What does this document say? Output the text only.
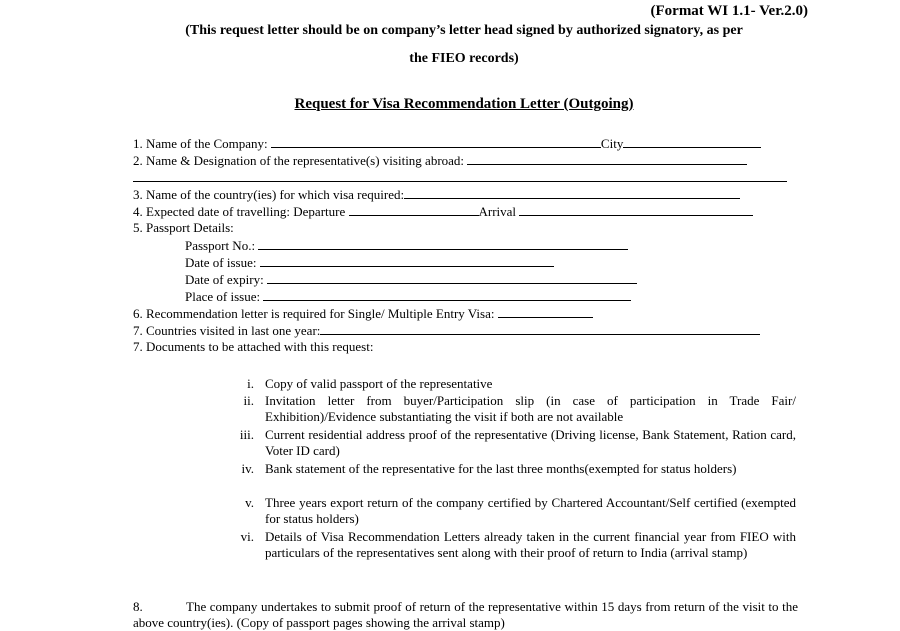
(Format WI 1.1- Ver.2.0)
(This request letter should be on company’s letter head signed by authorized signatory, as per
the FIEO records)
Request for Visa Recommendation Letter (Outgoing)
1. Name of the Company:	City
2. Name & Designation of the representative(s) visiting abroad:
3. Name of the country(ies) for which visa required:
4. Expected date of travelling: Departure	Arrival
5. Passport Details:
Passport No.:
Date of issue:
Date of expiry:
Place of issue:
6. Recommendation letter is required for Single/ Multiple Entry Visa:
7. Countries visited in last one year:
7. Documents to be attached with this request:
i. Copy of valid passport of the representative
ii. Invitation letter from buyer/Participation slip (in case of participation in Trade Fair/ Exhibition)/Evidence substantiating the visit if both are not available
iii. Current residential address proof of the representative (Driving license, Bank Statement, Ration card, Voter ID card)
iv. Bank statement of the representative for the last three months(exempted for status holders)
v. Three years export return of the company certified by Chartered Accountant/Self certified (exempted for status holders)
vi. Details of Visa Recommendation Letters already taken in the current financial year from FIEO with particulars of the representatives sent along with their proof of return to India (arrival stamp)
8.	The company undertakes to submit proof of return of the representative within 15 days from return of the visit to the above country(ies). (Copy of passport pages showing the arrival stamp)
